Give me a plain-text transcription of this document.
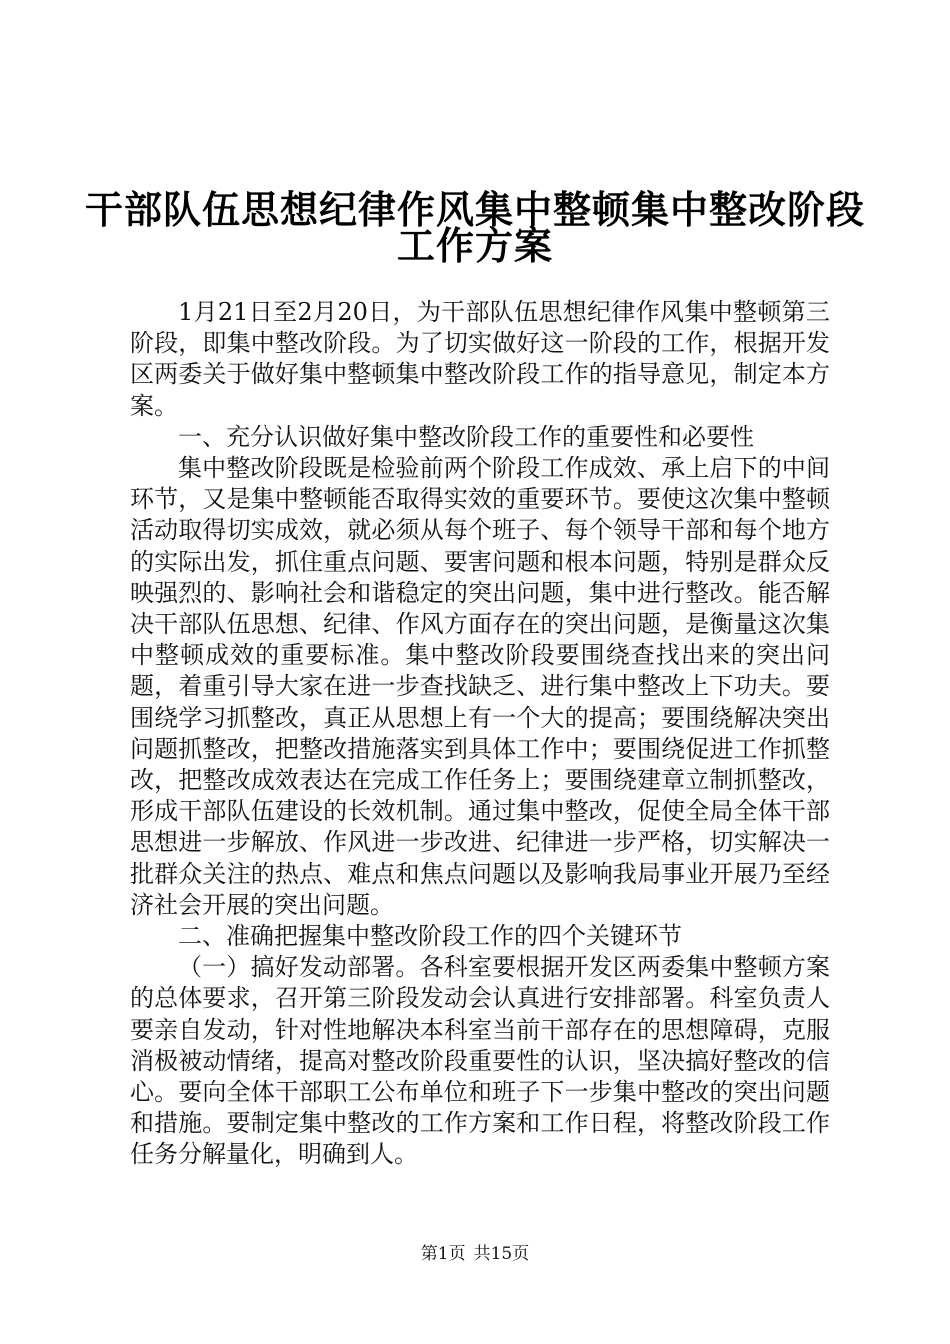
干部队伍思想纪律作风集中整顿集中整改阶段
工作方案

1月21日至2月20日，为干部队伍思想纪律作风集中整顿第三阶段，即集中整改阶段。为了切实做好这一阶段的工作，根据开发区两委关于做好集中整顿集中整改阶段工作的指导意见，制定本方案。

一、充分认识做好集中整改阶段工作的重要性和必要性

集中整改阶段既是检验前两个阶段工作成效、承上启下的中间环节，又是集中整顿能否取得实效的重要环节。要使这次集中整顿活动取得切实成效，就必须从每个班子、每个领导干部和每个地方的实际出发，抓住重点问题、要害问题和根本问题，特别是群众反映强烈的、影响社会和谐稳定的突出问题，集中进行整改。能否解决干部队伍思想、纪律、作风方面存在的突出问题，是衡量这次集中整顿成效的重要标准。集中整改阶段要围绕查找出来的突出问题，着重引导大家在进一步查找缺乏、进行集中整改上下功夫。要围绕学习抓整改，真正从思想上有一个大的提高；要围绕解决突出问题抓整改，把整改措施落实到具体工作中；要围绕促进工作抓整改，把整改成效表达在完成工作任务上；要围绕建章立制抓整改，形成干部队伍建设的长效机制。通过集中整改，促使全局全体干部思想进一步解放、作风进一步改进、纪律进一步严格，切实解决一批群众关注的热点、难点和焦点问题以及影响我局事业开展乃至经济社会开展的突出问题。

二、准确把握集中整改阶段工作的四个关键环节

（一）搞好发动部署。各科室要根据开发区两委集中整顿方案的总体要求，召开第三阶段发动会认真进行安排部署。科室负责人要亲自发动，针对性地解决本科室当前干部存在的思想障碍，克服消极被动情绪，提高对整改阶段重要性的认识，坚决搞好整改的信心。要向全体干部职工公布单位和班子下一步集中整改的突出问题和措施。要制定集中整改的工作方案和工作日程，将整改阶段工作任务分解量化，明确到人。

第1页 共15页
